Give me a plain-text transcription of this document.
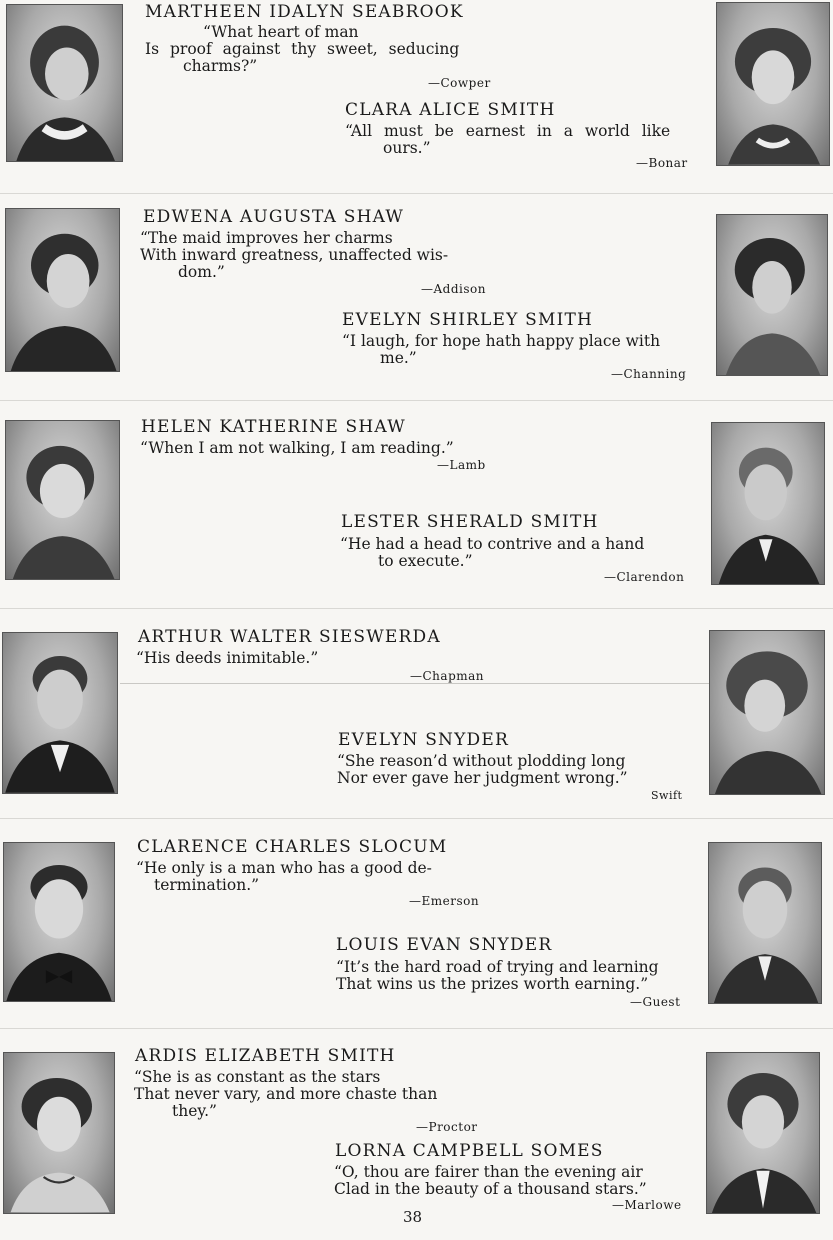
MARTHEEN IDALYN SEABROOK
“What heart of man
Is proof against thy sweet, seducing
charms?”
—Cowper
CLARA ALICE SMITH
“All must be earnest in a world like
ours.”
—Bonar
EDWENA AUGUSTA SHAW
“The maid improves her charms
With inward greatness, unaffected wis-
dom.”
—Addison
EVELYN SHIRLEY SMITH
“I laugh, for hope hath happy place with
me.”
—Channing
HELEN KATHERINE SHAW
“When I am not walking, I am reading.”
—Lamb
LESTER SHERALD SMITH
“He had a head to contrive and a hand
to execute.”
—Clarendon
ARTHUR WALTER SIESWERDA
“His deeds inimitable.”
—Chapman
EVELYN SNYDER
“She reason’d without plodding long
Nor ever gave her judgment wrong.”
Swift
CLARENCE CHARLES SLOCUM
“He only is a man who has a good de-
termination.”
—Emerson
LOUIS EVAN SNYDER
“It’s the hard road of trying and learning
That wins us the prizes worth earning.”
—Guest
ARDIS ELIZABETH SMITH
“She is as constant as the stars
That never vary, and more chaste than
they.”
—Proctor
LORNA CAMPBELL SOMES
“O, thou are fairer than the evening air
Clad in the beauty of a thousand stars.”
—Marlowe
38
